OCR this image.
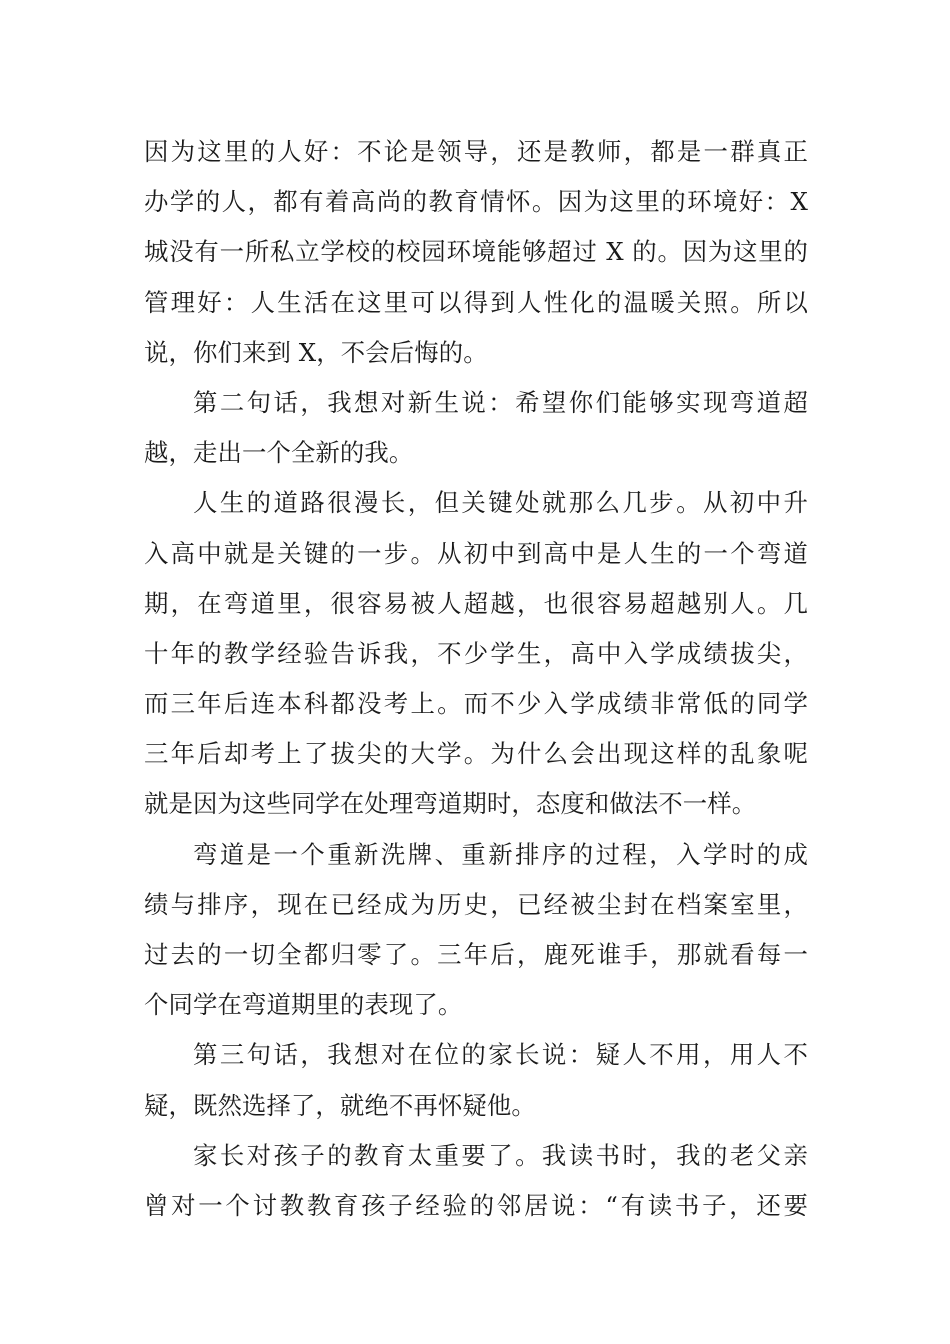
因为这里的人好：不论是领导，还是教师，都是一群真正
办学的人，都有着高尚的教育情怀。因为这里的环境好：X
城没有一所私立学校的校园环境能够超过 X 的。因为这里的
管理好：人生活在这里可以得到人性化的温暖关照。所以
说，你们来到 X，不会后悔的。
第二句话，我想对新生说：希望你们能够实现弯道超
越，走出一个全新的我。
人生的道路很漫长，但关键处就那么几步。从初中升
入高中就是关键的一步。从初中到高中是人生的一个弯道
期，在弯道里，很容易被人超越，也很容易超越别人。几
十年的教学经验告诉我，不少学生，高中入学成绩拔尖，
而三年后连本科都没考上。而不少入学成绩非常低的同学
三年后却考上了拔尖的大学。为什么会出现这样的乱象呢
就是因为这些同学在处理弯道期时，态度和做法不一样。
弯道是一个重新洗牌、重新排序的过程，入学时的成
绩与排序，现在已经成为历史，已经被尘封在档案室里，
过去的一切全都归零了。三年后，鹿死谁手，那就看每一
个同学在弯道期里的表现了。
第三句话，我想对在位的家长说：疑人不用，用人不
疑，既然选择了，就绝不再怀疑他。
家长对孩子的教育太重要了。我读书时，我的老父亲
曾对一个讨教教育孩子经验的邻居说：“有读书子，还要
